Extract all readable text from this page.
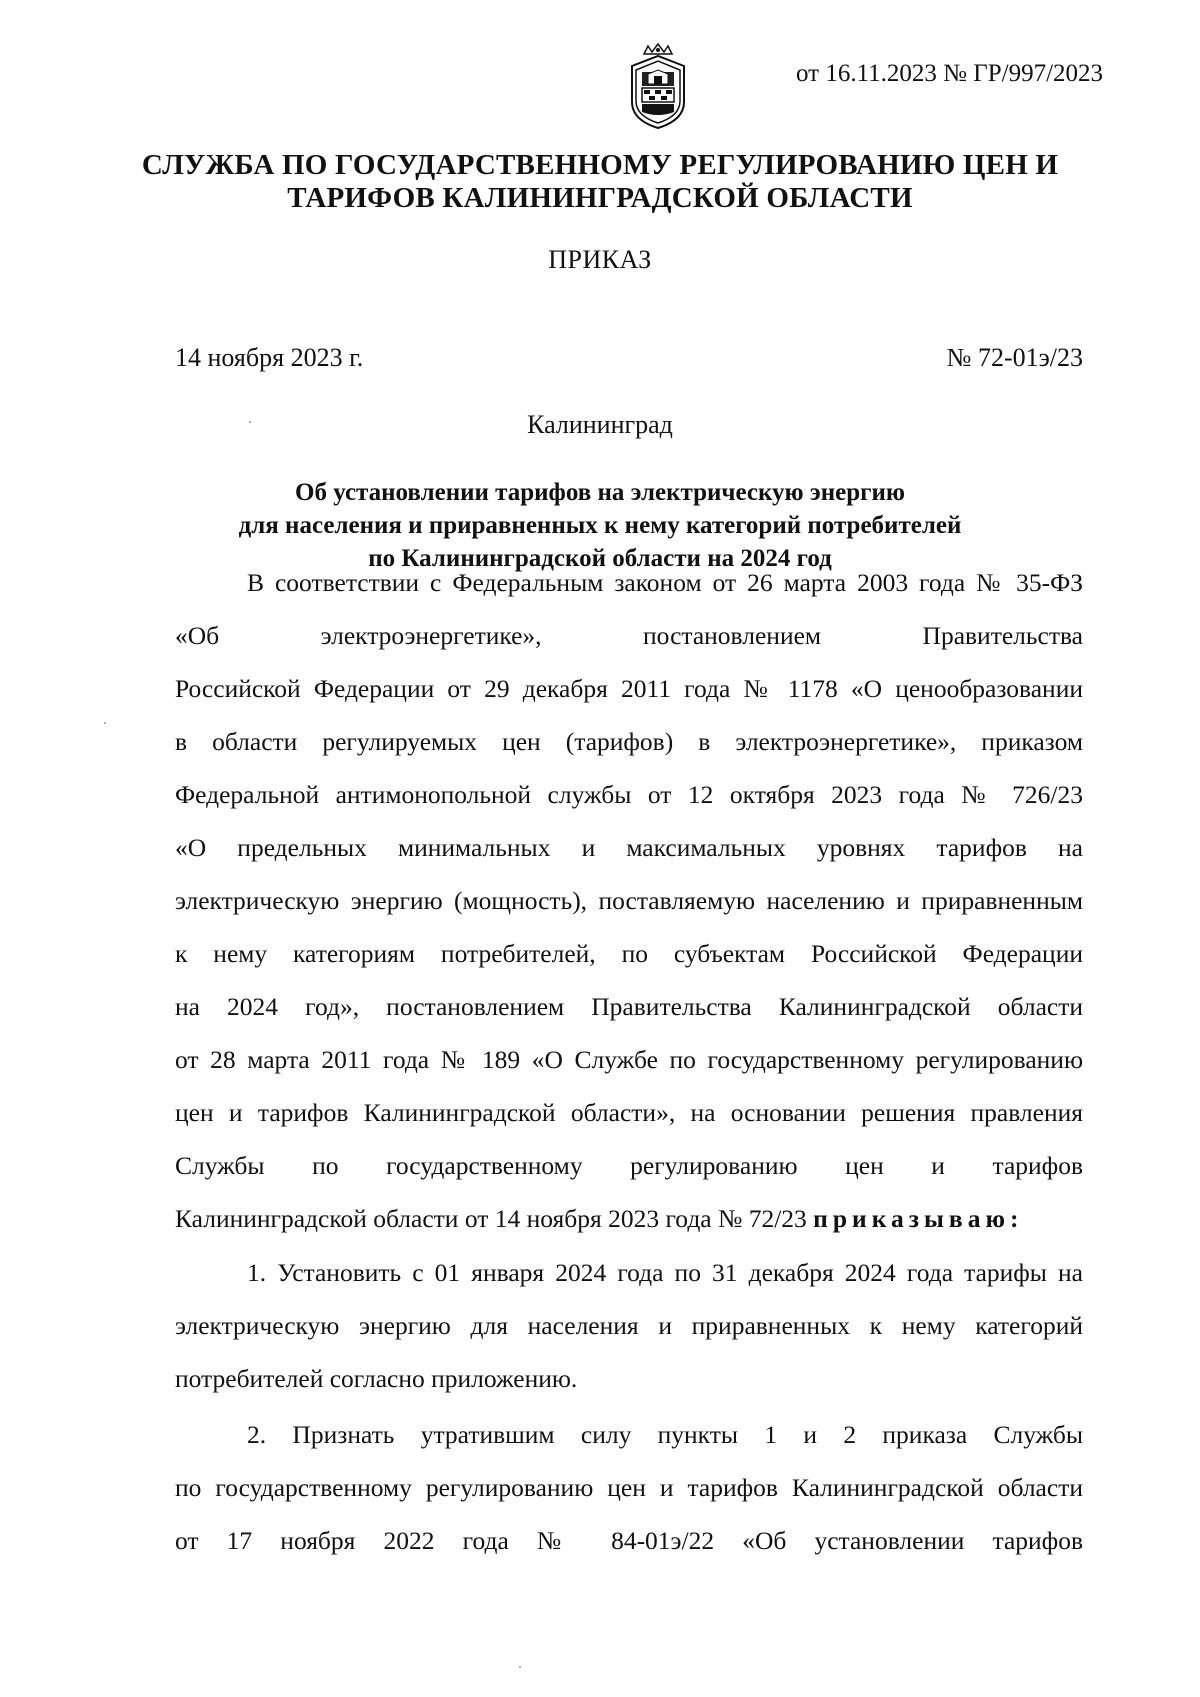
от 16.11.2023 № ГР/997/2023
СЛУЖБА ПО ГОСУДАРСТВЕННОМУ РЕГУЛИРОВАНИЮ ЦЕН И
ТАРИФОВ КАЛИНИНГРАДСКОЙ ОБЛАСТИ
ПРИКАЗ
14 ноября 2023 г.	№ 72-01э/23
Калининград
Об установлении тарифов на электрическую энергию
для населения и приравненных к нему категорий потребителей
по Калининградской области на 2024 год
В соответствии с Федеральным законом от 26 марта 2003 года № 35-ФЗ
«Об электроэнергетике», постановлением Правительства
Российской Федерации от 29 декабря 2011 года № 1178 «О ценообразовании
в области регулируемых цен (тарифов) в электроэнергетике», приказом
Федеральной антимонопольной службы от 12 октября 2023 года № 726/23
«О предельных минимальных и максимальных уровнях тарифов на
электрическую энергию (мощность), поставляемую населению и приравненным
к нему категориям потребителей, по субъектам Российской Федерации
на 2024 год», постановлением Правительства Калининградской области
от 28 марта 2011 года № 189 «О Службе по государственному регулированию
цен и тарифов Калининградской области», на основании решения правления
Службы по государственному регулированию цен и тарифов
Калининградской области от 14 ноября 2023 года № 72/23 приказываю:
1. Установить с 01 января 2024 года по 31 декабря 2024 года тарифы на
электрическую энергию для населения и приравненных к нему категорий
потребителей согласно приложению.
2. Признать утратившим силу пункты 1 и 2 приказа Службы
по государственному регулированию цен и тарифов Калининградской области
от 17 ноября 2022 года № 84-01э/22 «Об установлении тарифов
